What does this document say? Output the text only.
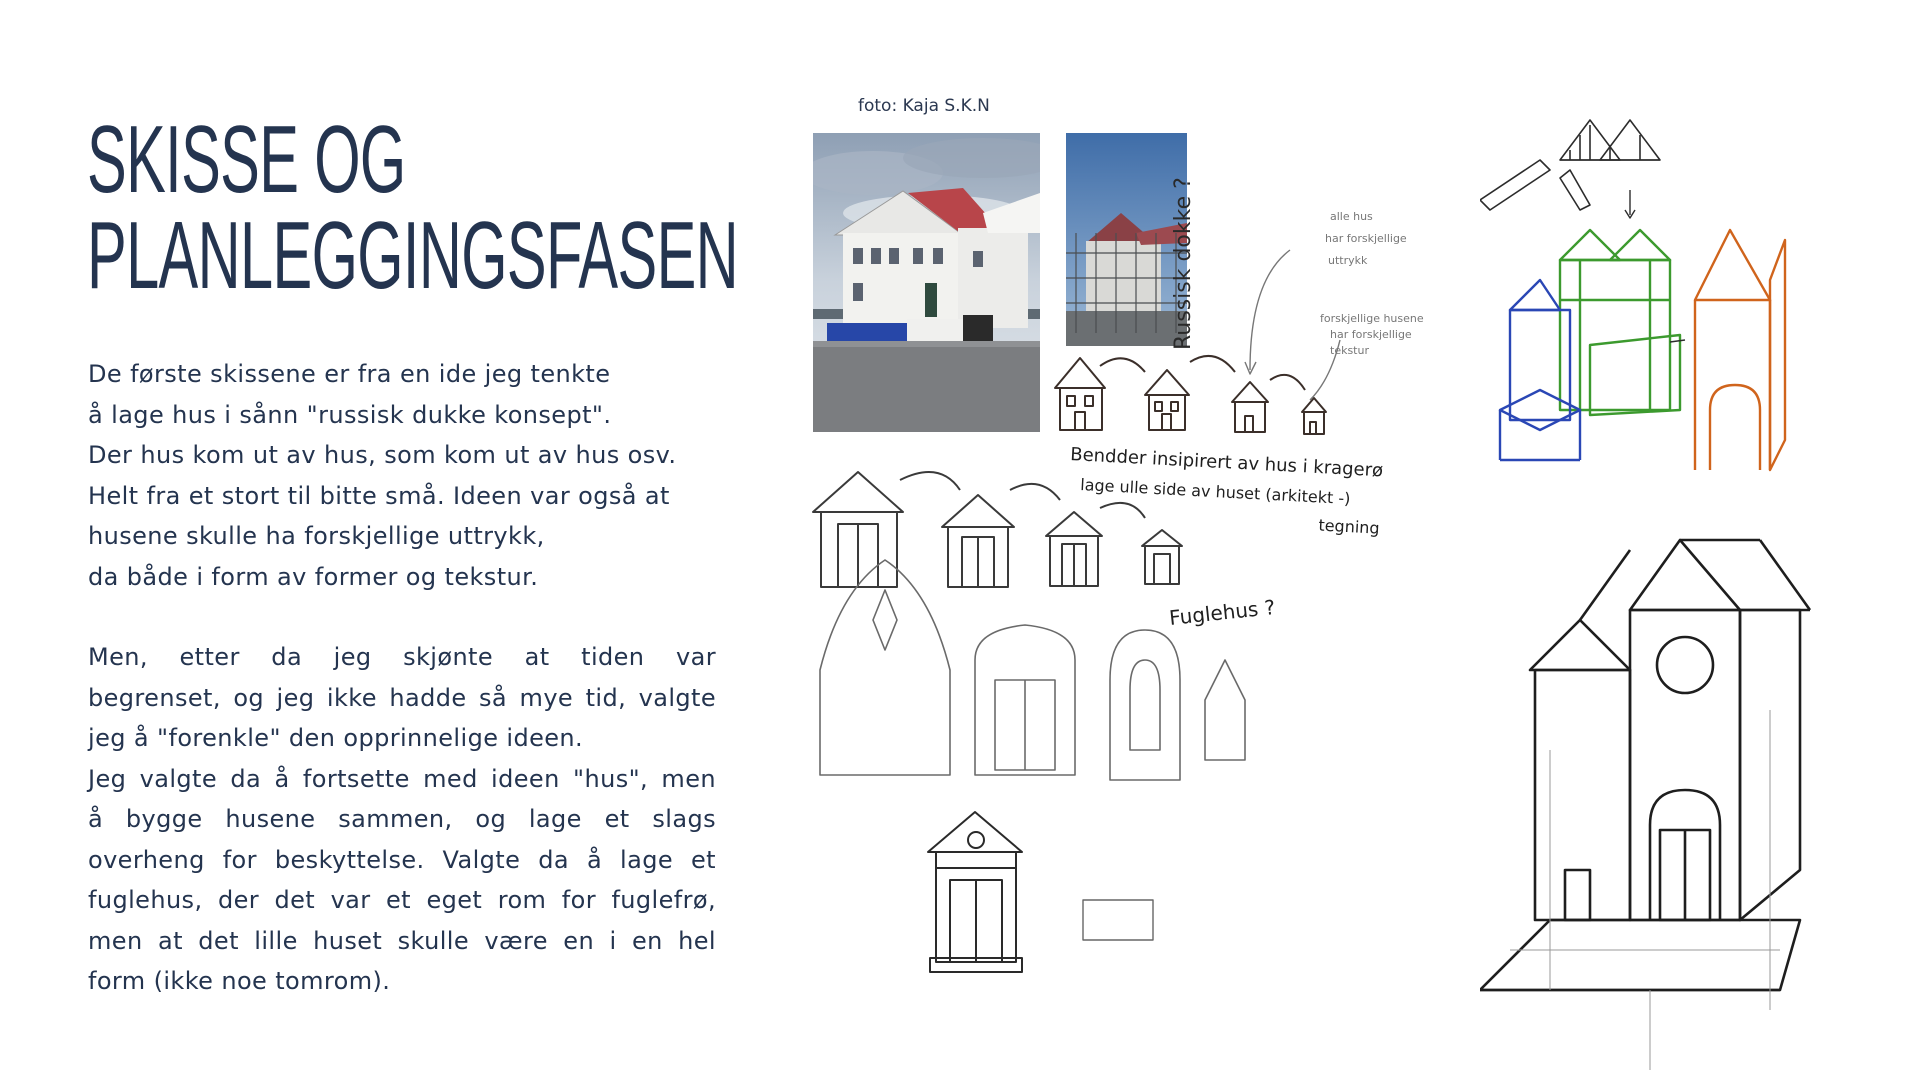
SKISSE OG
PLANLEGGINGSFASEN

De første skissene er fra en ide jeg tenkte
å lage hus i sånn "russisk dukke konsept".
Der hus kom ut av hus, som kom ut av hus osv.
Helt fra et stort til bitte små. Ideen var også at
husene skulle ha forskjellige uttrykk,
da både i form av former og tekstur.

Men, etter da jeg skjønte at tiden var
begrenset, og jeg ikke hadde så mye tid, valgte
jeg å "forenkle" den opprinnelige ideen.
Jeg valgte da å fortsette med ideen "hus", men
å bygge husene sammen, og lage et slags
overheng for beskyttelse. Valgte da å lage et
fuglehus, der det var et eget rom for fuglefrø,
men at det lille huset skulle være en i en hel
form (ikke noe tomrom).

foto: Kaja S.K.N
Russisk dokke ?	alle hus har forskjellige uttrykk
forskjellige husene har forskjellige tekstur
Bendder insipirert av hus i kragerø
lage ulle side av huset (arkitekt -) tegning
Fuglehus ?
